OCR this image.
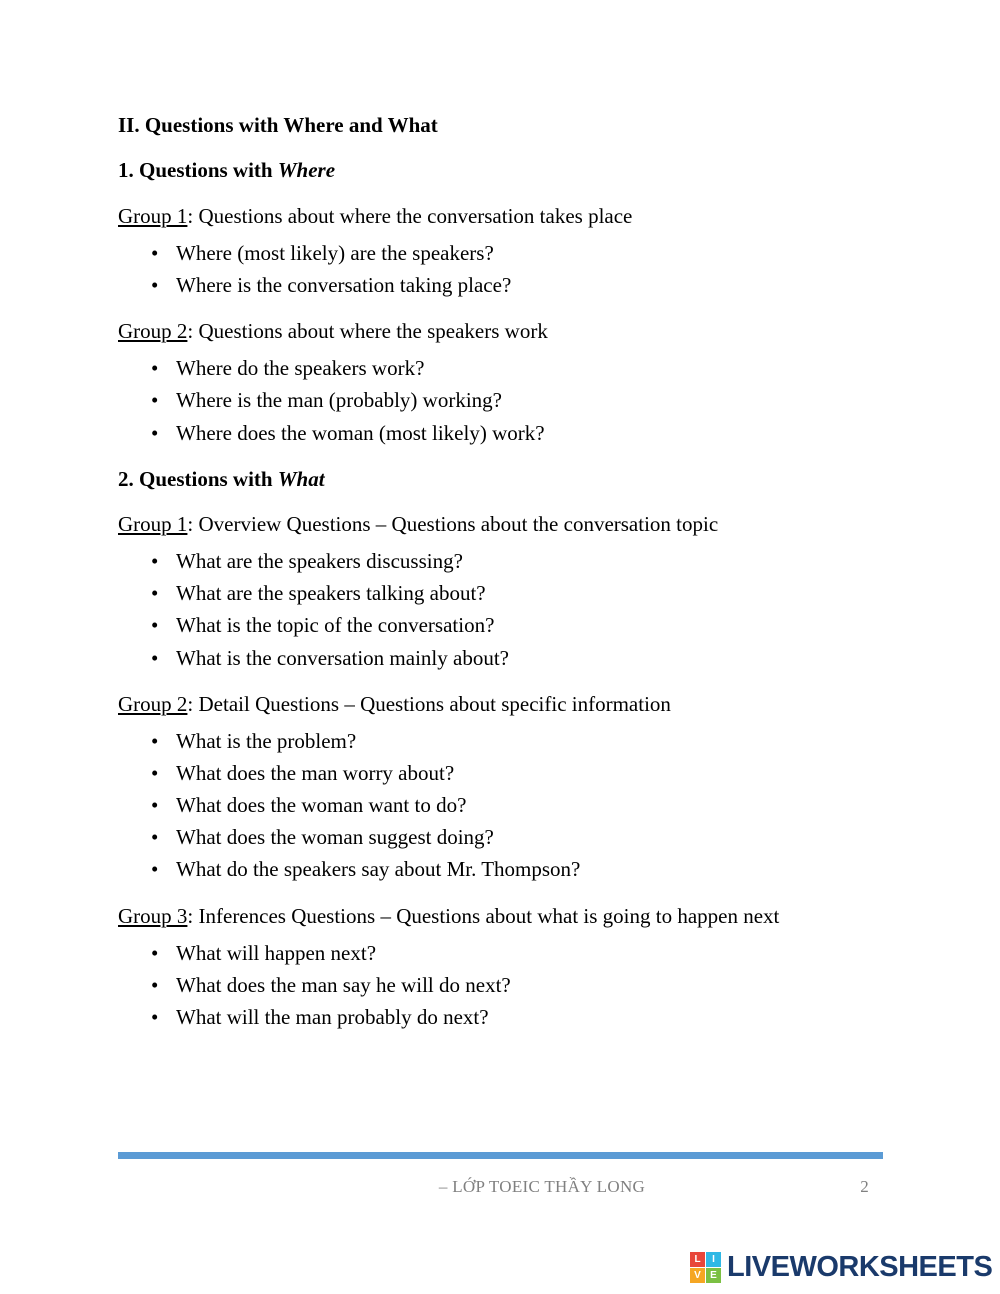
II. Questions with Where and What

1. Questions with Where

Group 1: Questions about where the conversation takes place

• Where (most likely) are the speakers?
• Where is the conversation taking place?

Group 2: Questions about where the speakers work

• Where do the speakers work?
• Where is the man (probably) working?
• Where does the woman (most likely) work?

2. Questions with What

Group 1: Overview Questions – Questions about the conversation topic

• What are the speakers discussing?
• What are the speakers talking about?
• What is the topic of the conversation?
• What is the conversation mainly about?

Group 2: Detail Questions – Questions about specific information

• What is the problem?
• What does the man worry about?
• What does the woman want to do?
• What does the woman suggest doing?
• What do the speakers say about Mr. Thompson?

Group 3: Inferences Questions – Questions about what is going to happen next

• What will happen next?
• What does the man say he will do next?
• What will the man probably do next?
– LỚP TOEIC THẦY LONG	2
L	I
V E LIVEWORKSHEETS
